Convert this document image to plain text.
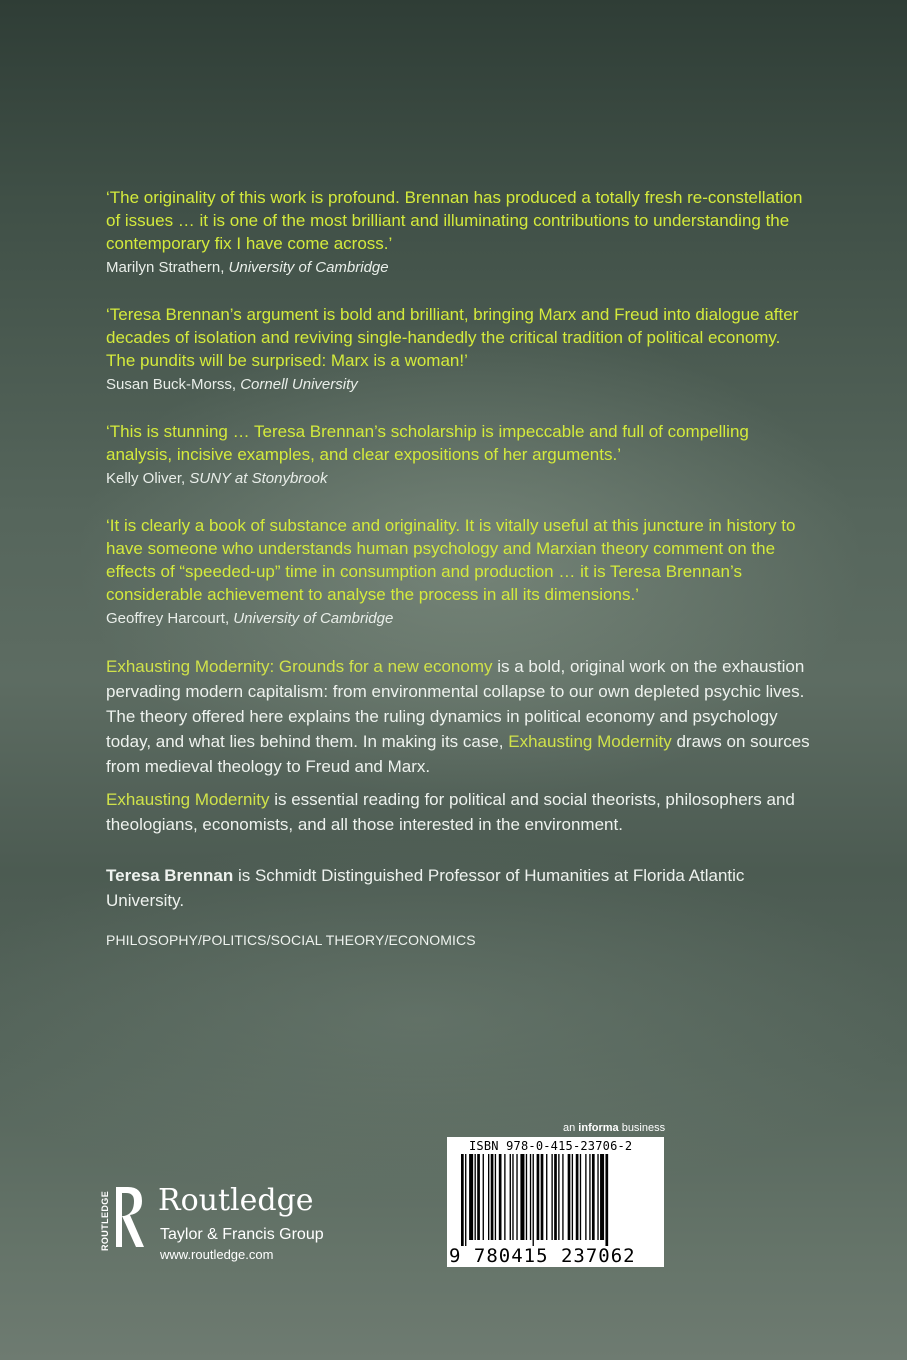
‘The originality of this work is profound. Brennan has produced a totally fresh re-constellation of issues … it is one of the most brilliant and illuminating contributions to understanding the contemporary fix I have come across.’

Marilyn Strathern, University of Cambridge

‘Teresa Brennan’s argument is bold and brilliant, bringing Marx and Freud into dialogue after decades of isolation and reviving single-handedly the critical tradition of political economy. The pundits will be surprised: Marx is a woman!’

Susan Buck-Morss, Cornell University

‘This is stunning … Teresa Brennan’s scholarship is impeccable and full of compelling analysis, incisive examples, and clear expositions of her arguments.’

Kelly Oliver, SUNY at Stonybrook

‘It is clearly a book of substance and originality. It is vitally useful at this juncture in history to have someone who understands human psychology and Marxian theory comment on the effects of “speeded-up” time in consumption and production … it is Teresa Brennan’s considerable achievement to analyse the process in all its dimensions.’

Geoffrey Harcourt, University of Cambridge

Exhausting Modernity: Grounds for a new economy is a bold, original work on the exhaustion pervading modern capitalism: from environmental collapse to our own depleted psychic lives. The theory offered here explains the ruling dynamics in political economy and psychology today, and what lies behind them. In making its case, Exhausting Modernity draws on sources from medieval theology to Freud and Marx.

Exhausting Modernity is essential reading for political and social theorists, philosophers and theologians, economists, and all those interested in the environment.

Teresa Brennan is Schmidt Distinguished Professor of Humanities at Florida Atlantic University.

PHILOSOPHY/POLITICS/SOCIAL THEORY/ECONOMICS
ROUTLEDGE Routledge
Taylor & Francis Group
www.routledge.com
an informa business
ISBN 978-0-415-23706-2
9 780415 237062
